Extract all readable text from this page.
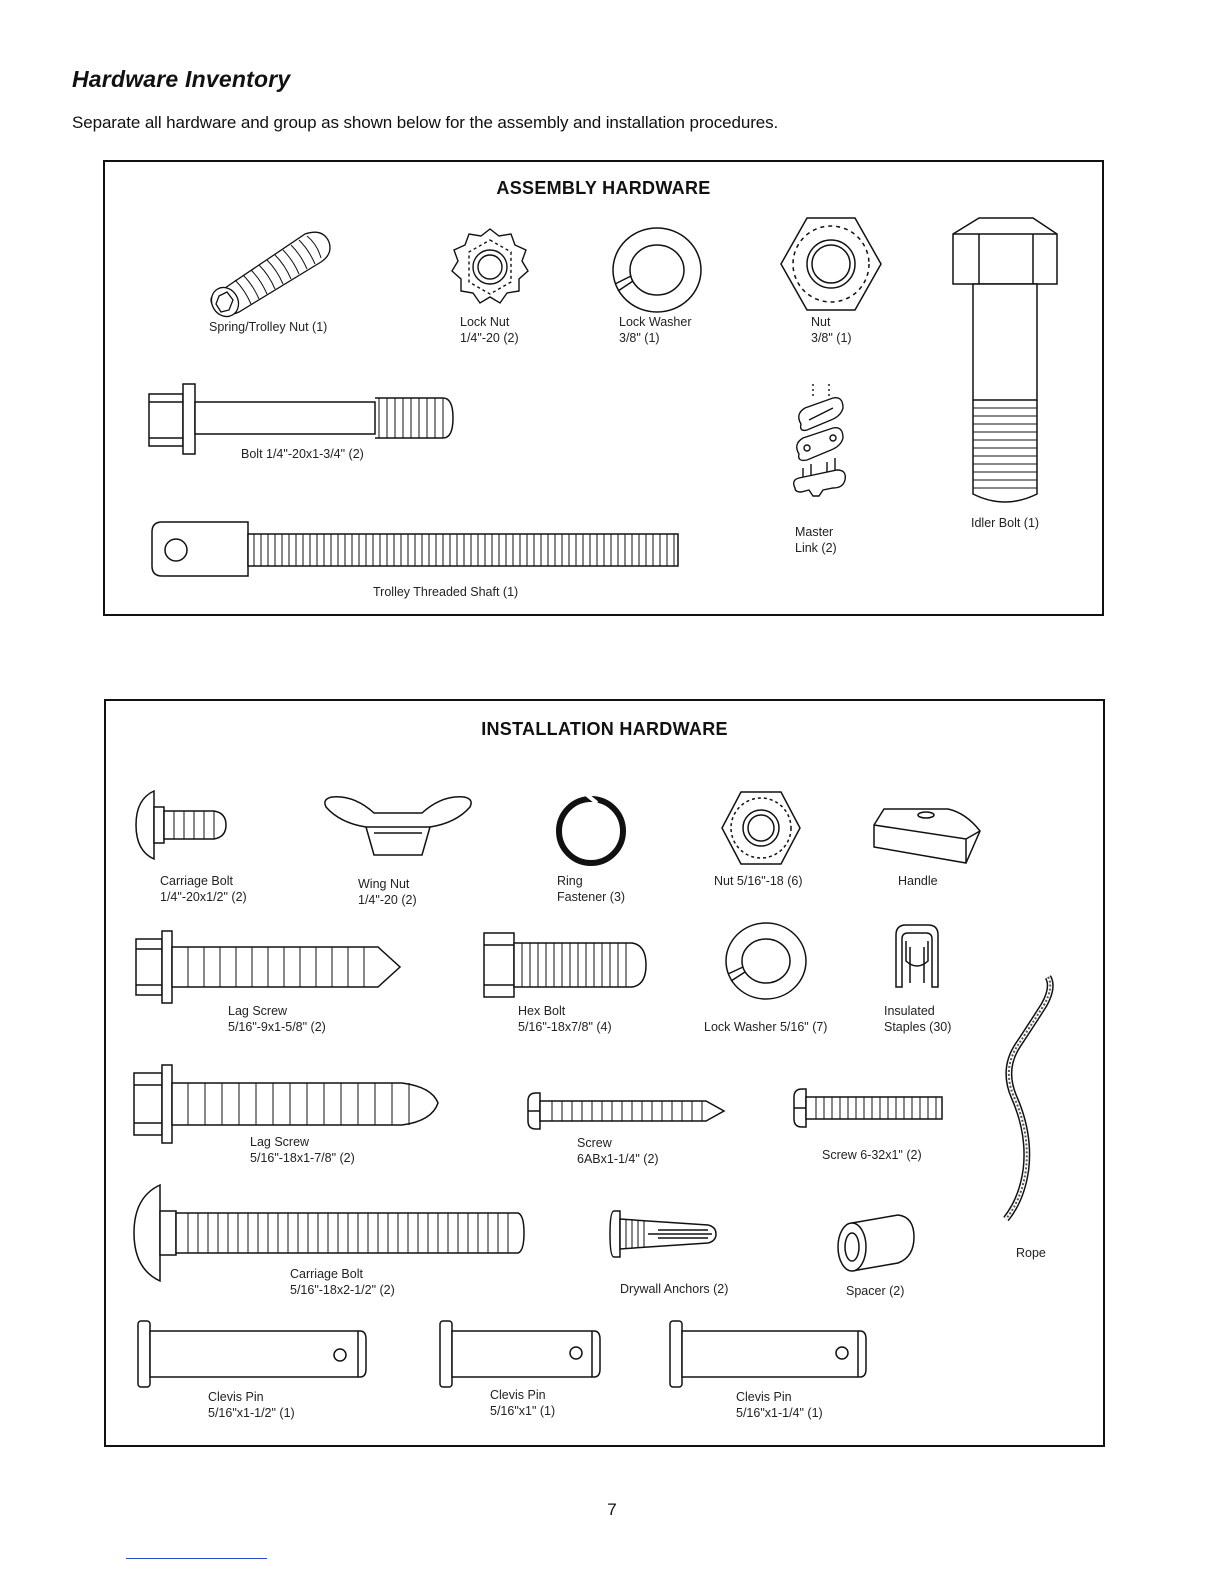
Hardware Inventory
Separate all hardware and group as shown below for the assembly and installation procedures.
ASSEMBLY HARDWARE
Spring/Trolley Nut (1)	Lock Nut
1/4"-20 (2)
Lock Washer
3/8" (1)
Nut
3/8" (1)
Idler Bolt (1)
Bolt 1/4"-20x1-3/4" (2)
Master
Link (2)
Trolley Threaded Shaft (1)
INSTALLATION HARDWARE
Carriage Bolt
1/4"-20x1/2" (2)
Wing Nut
1/4"-20 (2)
Ring
Fastener (3)
Nut 5/16"-18 (6)	Handle
Lag Screw
5/16"-9x1-5/8" (2)
Hex Bolt
5/16"-18x7/8" (4)	Lock Washer 5/16" (7)
Insulated
Staples (30)
Rope
Lag Screw
5/16"-18x1-7/8" (2)
Screw
6ABx1-1/4" (2)	Screw 6-32x1" (2)
Carriage Bolt
5/16"-18x2-1/2" (2)	Drywall Anchors (2)	Spacer (2)
Clevis Pin
5/16"x1-1/2" (1)
Clevis Pin
5/16"x1" (1)
Clevis Pin
5/16"x1-1/4" (1)
7
